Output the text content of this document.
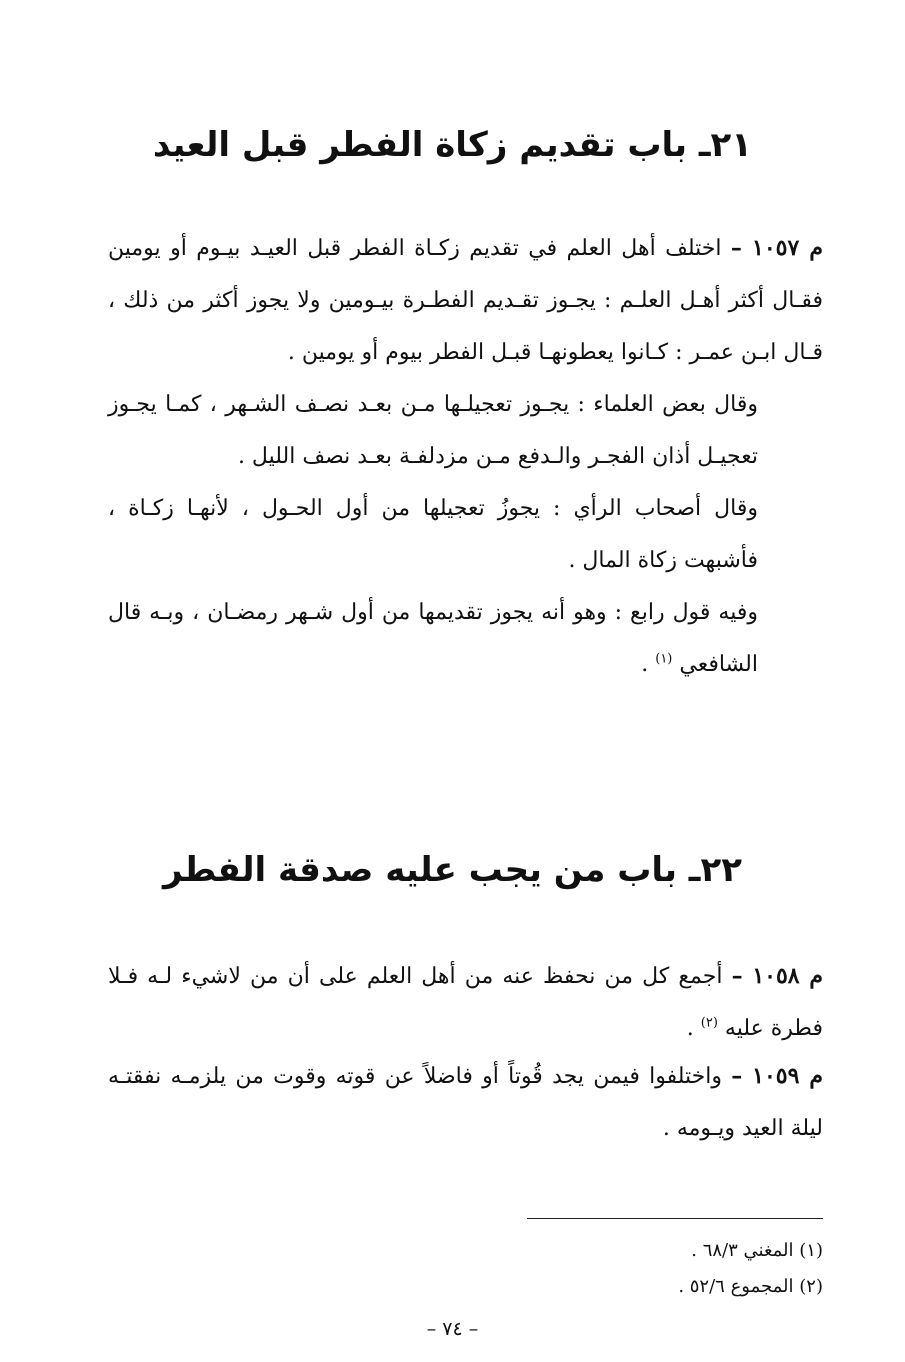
٢١ـ باب تقديم زكاة الفطر قبل العيد

م ١٠٥٧ – اختلف أهل العلم في تقديم زكـاة الفطر قبل العيـد بيـوم أو يومين فقـال أكثر أهـل العلـم : يجـوز تقـديم الفطـرة بيـومين ولا يجوز أكثر من ذلك ، قـال ابـن عمـر : كـانوا يعطونهـا قبـل الفطر بيوم أو يومين .

وقال بعض العلماء : يجـوز تعجيلـها مـن بعـد نصـف الشـهر ، كمـا يجـوز تعجيـل أذان الفجـر والـدفع مـن مزدلفـة بعـد نصف الليل .

وقال أصحاب الرأي : يجوزُ تعجيلها من أول الحـول ، لأنهـا زكـاة ، فأشبهت زكاة المال .

وفيه قول رابع : وهو أنه يجوز تقديمها من أول شـهر رمضـان ، وبـه قال الشافعي $^{(١)}$ .

٢٢ـ باب من يجب عليه صدقة الفطر

م ١٠٥٨ – أجمع كل من نحفظ عنه من أهل العلم على أن من لاشيء لـه فـلا فطرة عليه $^{(٢)}$ .

م ١٠٥٩ – واختلفوا فيمن يجد قُوتاً أو فاضلاً عن قوته وقوت من يلزمـه نفقتـه ليلة العيد ويـومه .

(١) المغني ٦٨/٣ .
(٢) المجموع ٥٢/٦ .
– ٧٤ –
